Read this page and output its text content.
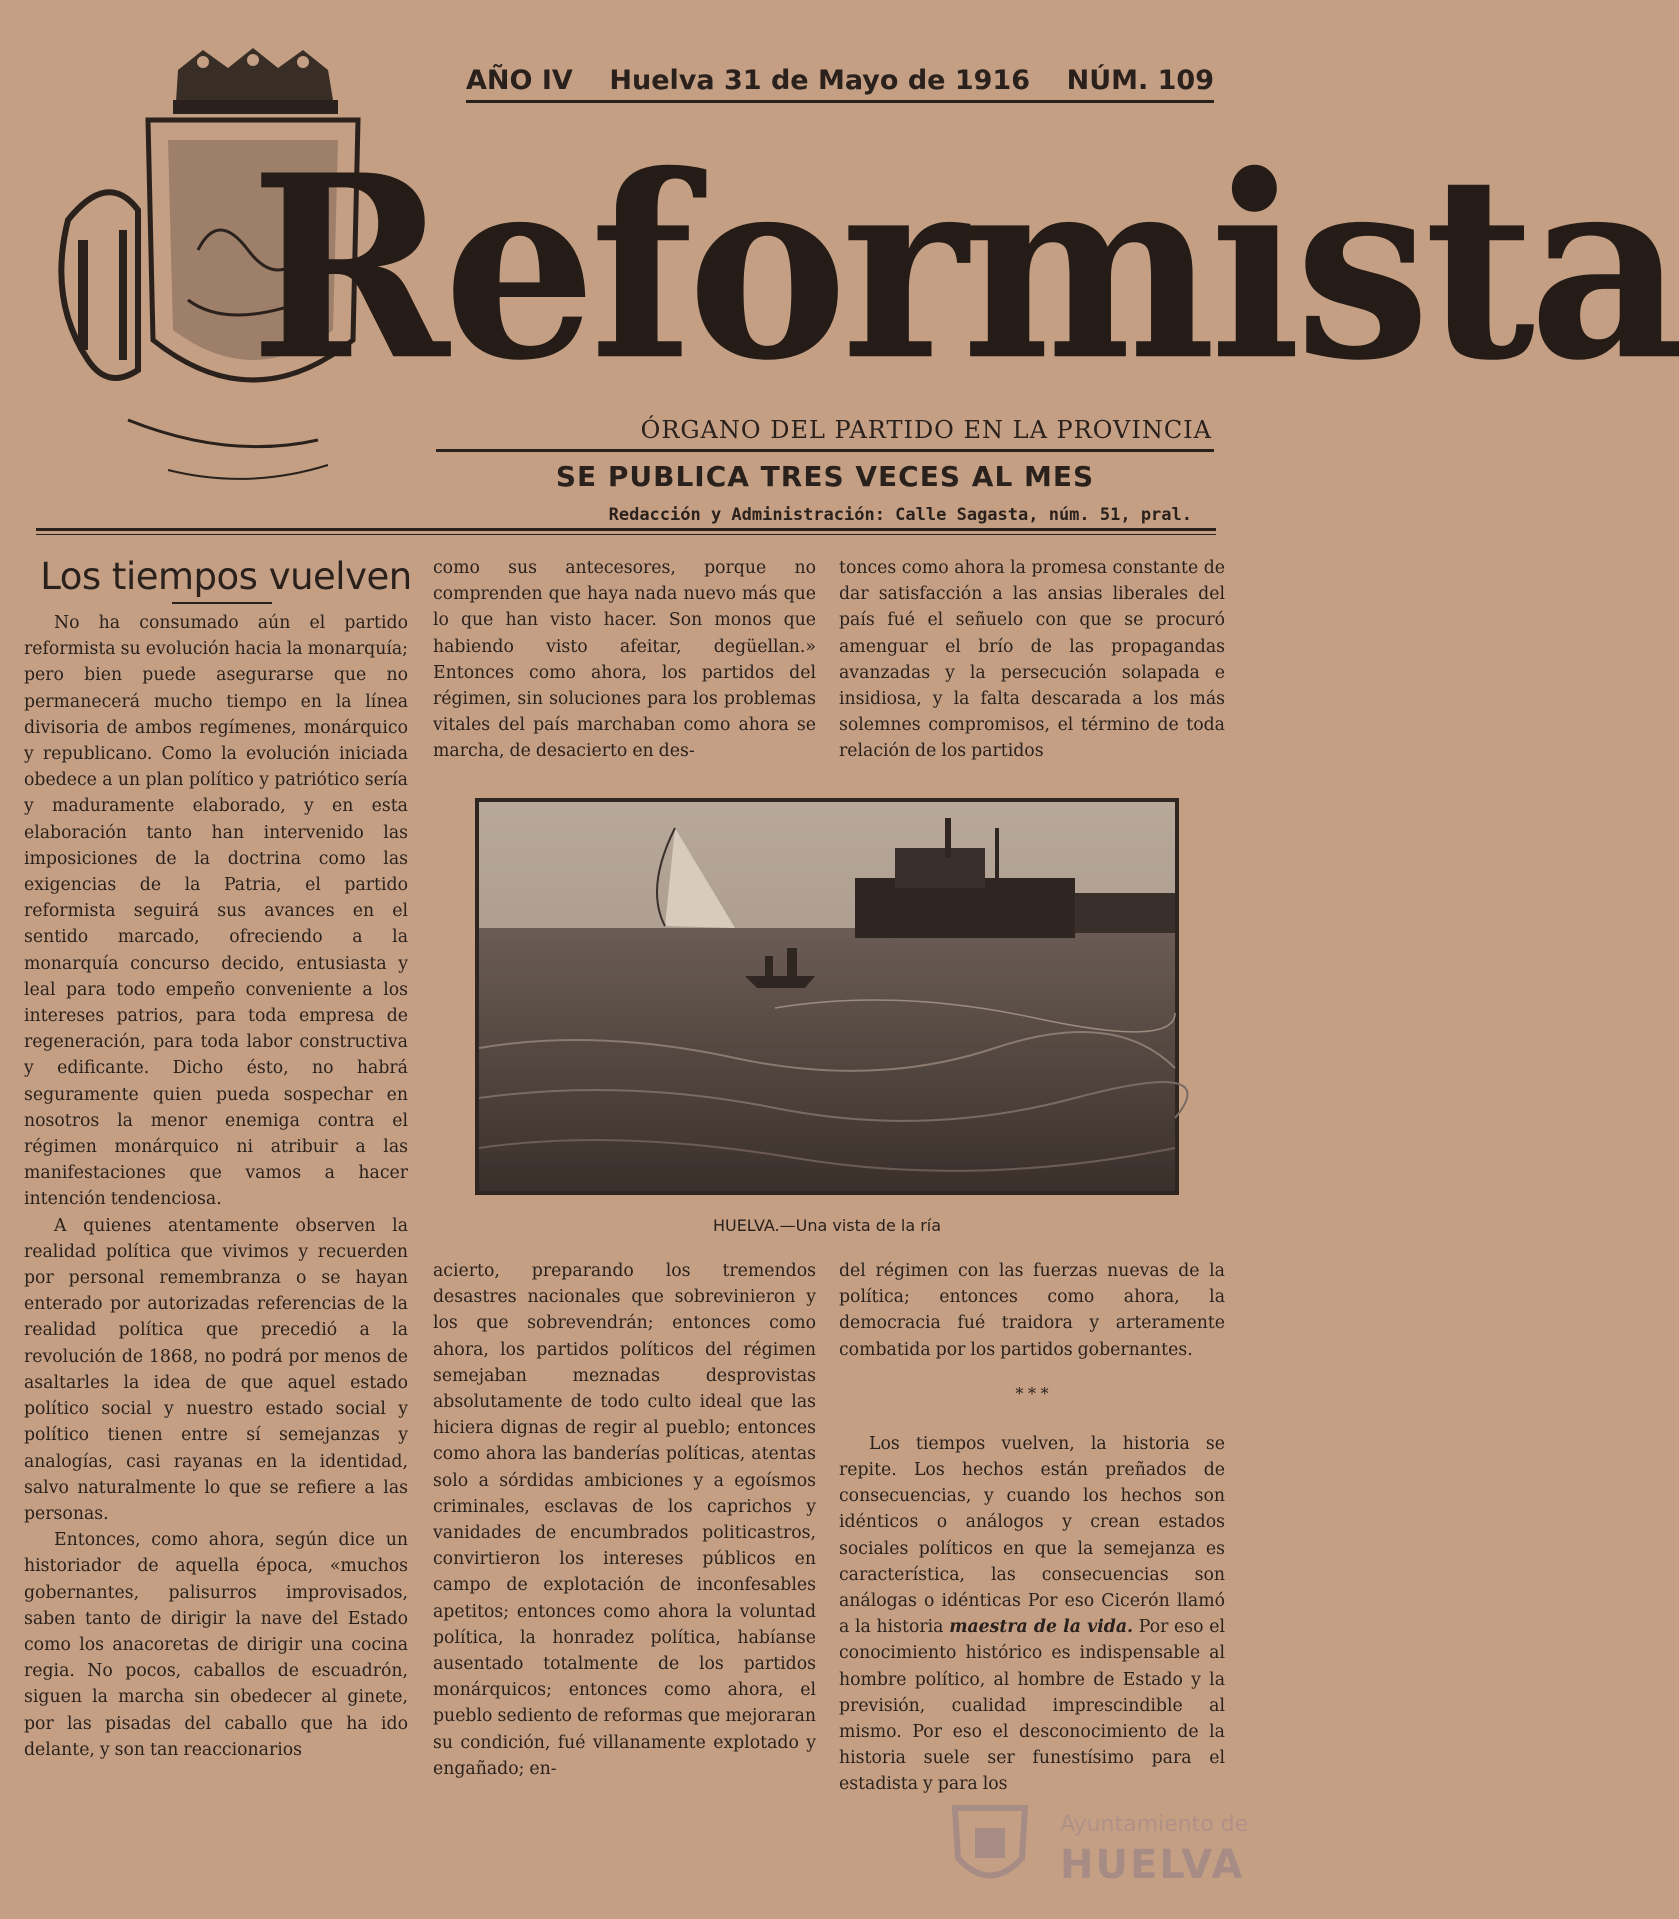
AÑO IV Huelva 31 de Mayo de 1916 NÚM. 109
Reformista
ÓRGANO DEL PARTIDO EN LA PROVINCIA
SE PUBLICA TRES VECES AL MES
Redacción y Administración: Calle Sagasta, núm. 51, pral.
Los tiempos vuelven

No ha consumado aún el partido reformista su evolución hacia la monarquía; pero bien puede asegurarse que no permanecerá mucho tiempo en la línea divisoria de ambos regímenes, monárquico y republicano. Como la evolución iniciada obedece a un plan político y patriótico sería y maduramente elaborado, y en esta elaboración tanto han intervenido las imposiciones de la doctrina como las exigencias de la Patria, el partido reformista seguirá sus avances en el sentido marcado, ofreciendo a la monarquía concurso decido, entusiasta y leal para todo empeño conveniente a los intereses patrios, para toda empresa de regeneración, para toda labor constructiva y edificante. Dicho ésto, no habrá seguramente quien pueda sospechar en nosotros la menor enemiga contra el régimen monárquico ni atribuir a las manifestaciones que vamos a hacer intención tendenciosa.

A quienes atentamente observen la realidad política que vivimos y recuerden por personal remembranza o se hayan enterado por autorizadas referencias de la realidad política que precedió a la revolución de 1868, no podrá por menos de asaltarles la idea de que aquel estado político social y nuestro estado social y político tienen entre sí semejanzas y analogías, casi rayanas en la identidad, salvo naturalmente lo que se refiere a las personas.

Entonces, como ahora, según dice un historiador de aquella época, «muchos gobernantes, palisurros improvisados, saben tanto de dirigir la nave del Estado como los anacoretas de dirigir una cocina regia. No pocos, caballos de escuadrón, siguen la marcha sin obedecer al ginete, por las pisadas del caballo que ha ido delante, y son tan reaccionarios

como sus antecesores, porque no comprenden que haya nada nuevo más que lo que han visto hacer. Son monos que habiendo visto afeitar, degüellan.» Entonces como ahora, los partidos del régimen, sin soluciones para los problemas vitales del país marchaban como ahora se marcha, de desacierto en des-

tonces como ahora la promesa constante de dar satisfacción a las ansias liberales del país fué el señuelo con que se procuró amenguar el brío de las propagandas avanzadas y la persecución solapada e insidiosa, y la falta descarada a los más solemnes compromisos, el término de toda relación de los partidos

HUELVA.—Una vista de la ría

acierto, preparando los tremendos desastres nacionales que sobrevinieron y los que sobrevendrán; entonces como ahora, los partidos políticos del régimen semejaban meznadas desprovistas absolutamente de todo culto ideal que las hiciera dignas de regir al pueblo; entonces como ahora las banderías políticas, atentas solo a sórdidas ambiciones y a egoísmos criminales, esclavas de los caprichos y vanidades de encumbrados politicastros, convirtieron los intereses públicos en campo de explotación de inconfesables apetitos; entonces como ahora la voluntad política, la honradez política, habíanse ausentado totalmente de los partidos monárquicos; entonces como ahora, el pueblo sediento de reformas que mejoraran su condición, fué villanamente explotado y engañado; en-

del régimen con las fuerzas nuevas de la política; entonces como ahora, la democracia fué traidora y arteramente combatida por los partidos gobernantes.

* * *

Los tiempos vuelven, la historia se repite. Los hechos están preñados de consecuencias, y cuando los hechos son idénticos o análogos y crean estados sociales políticos en que la semejanza es característica, las consecuencias son análogas o idénticas Por eso Cicerón llamó a la historia maestra de la vida. Por eso el conocimiento histórico es indispensable al hombre político, al hombre de Estado y la previsión, cualidad imprescindible al mismo. Por eso el desconocimiento de la historia suele ser funestísimo para el estadista y para los

Ayuntamiento de
HUELVA
